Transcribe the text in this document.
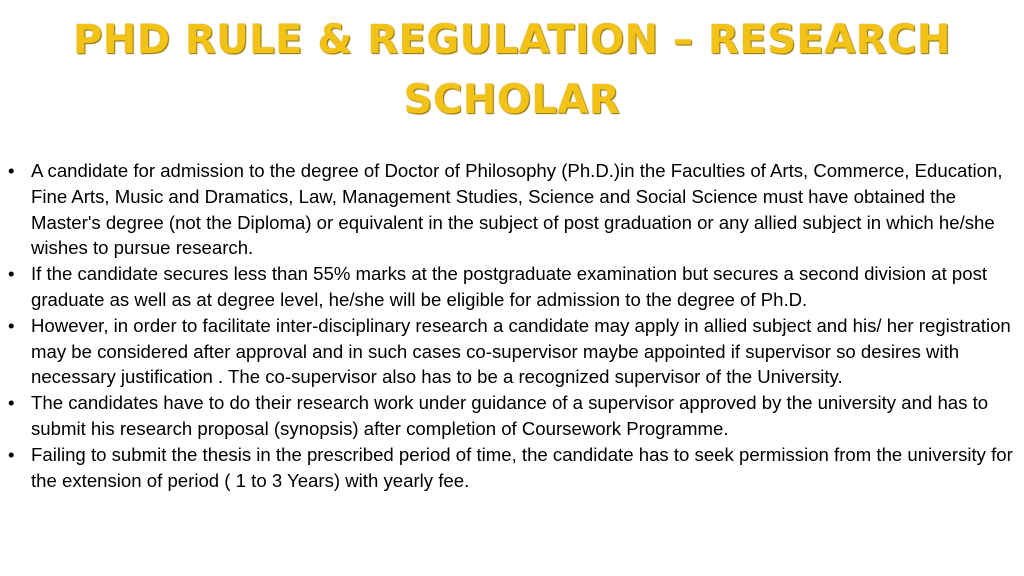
PHD RULE & REGULATION – RESEARCH
SCHOLAR
• A candidate for admission to the degree of Doctor of Philosophy (Ph.D.)in the Faculties of Arts, Commerce, Education, Fine Arts, Music and Dramatics, Law, Management Studies, Science and Social Science must have obtained the Master's degree (not the Diploma) or equivalent in the subject of post graduation or any allied subject in which he/she wishes to pursue research.
• If the candidate secures less than 55% marks at the postgraduate examination but secures a second division at post graduate as well as at degree level, he/she will be eligible for admission to the degree of Ph.D.
• However, in order to facilitate inter-disciplinary research a candidate may apply in allied subject and his/ her registration may be considered after approval and in such cases co-supervisor maybe appointed if supervisor so desires with necessary justification . The co-supervisor also has to be a recognized supervisor of the University.
• The candidates have to do their research work under guidance of a supervisor approved by the university and has to submit his research proposal (synopsis) after completion of Coursework Programme.
• Failing to submit the thesis in the prescribed period of time, the candidate has to seek permission from the university for the extension of period ( 1 to 3 Years) with yearly fee.
